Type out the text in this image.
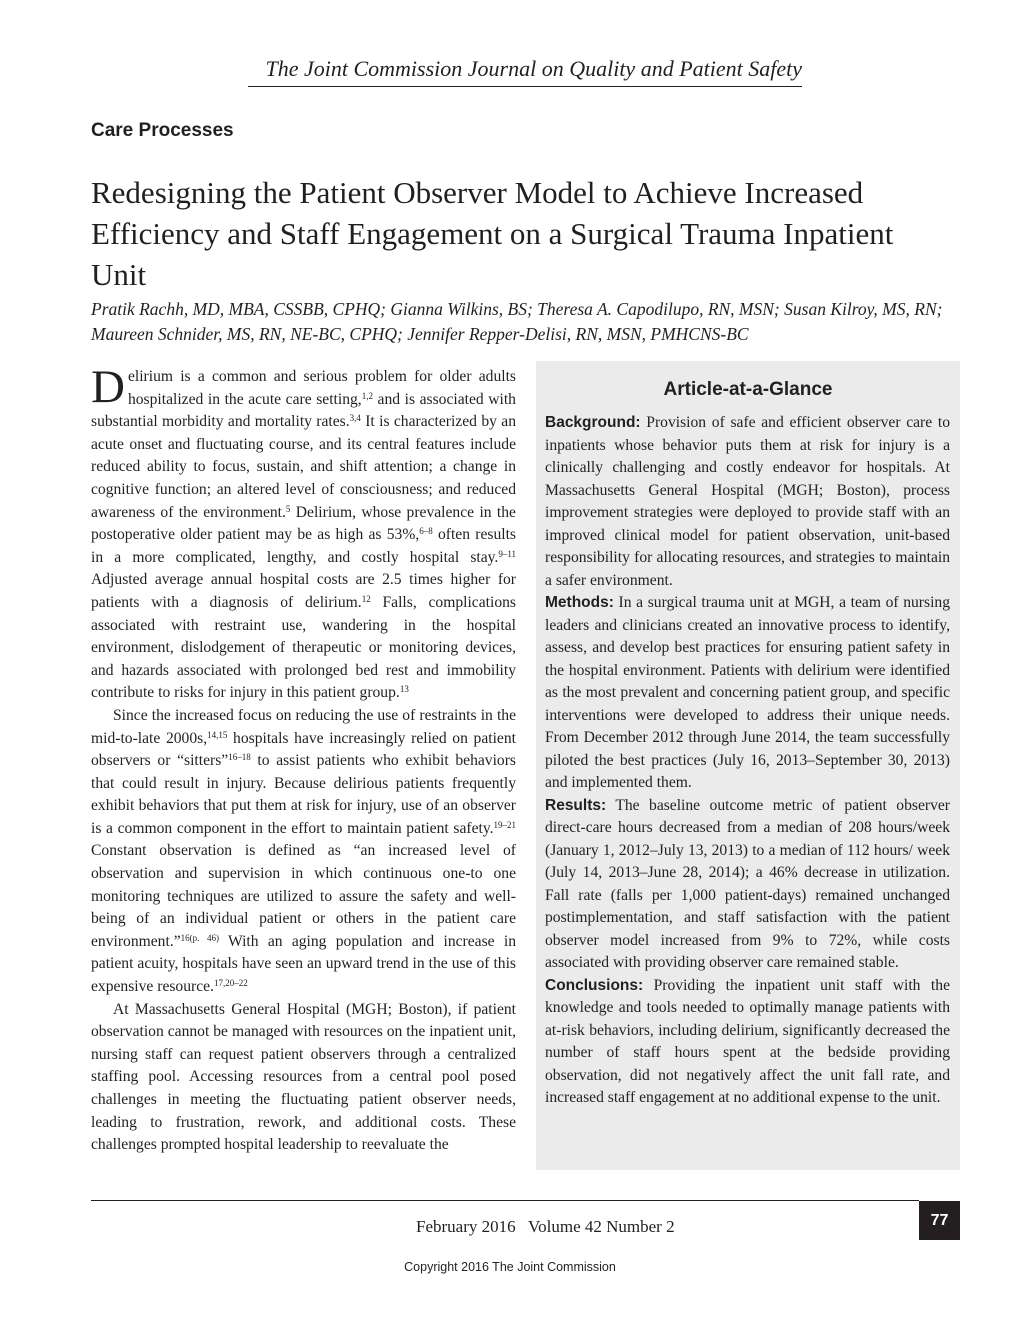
The Joint Commission Journal on Quality and Patient Safety
Care Processes
Redesigning the Patient Observer Model to Achieve Increased Efficiency and Staff Engagement on a Surgical Trauma Inpatient Unit
Pratik Rachh, MD, MBA, CSSBB, CPHQ; Gianna Wilkins, BS; Theresa A. Capodilupo, RN, MSN; Susan Kilroy, MS, RN; Maureen Schnider, MS, RN, NE-BC, CPHQ; Jennifer Repper-Delisi, RN, MSN, PMHCNS-BC

Delirium is a common and serious problem for older adults hospitalized in the acute care setting,$^{1,2}$ and is associated with substantial morbidity and mortality rates.$^{3,4}$ It is characterized by an acute onset and fluctuating course, and its central features include reduced ability to focus, sustain, and shift attention; a change in cognitive function; an altered level of consciousness; and reduced awareness of the environment.$^5$ Delirium, whose prevalence in the postoperative older patient may be as high as 53%,$^{6-8}$ often results in a more complicated, lengthy, and costly hospital stay.$^{9-11}$ Adjusted average annual hospital costs are 2.5 times higher for patients with a diagnosis of delirium.$^{12}$ Falls, complications associated with restraint use, wandering in the hospital environment, dislodgement of therapeutic or monitoring devices, and hazards associated with prolonged bed rest and immobility contribute to risks for injury in this patient group.$^{13}$

Since the increased focus on reducing the use of restraints in the mid-to-late 2000s,$^{14,15}$ hospitals have increasingly relied on patient observers or “sitters”$^{16-18}$ to assist patients who exhibit behaviors that could result in injury. Because delirious patients frequently exhibit behaviors that put them at risk for injury, use of an observer is a common component in the effort to maintain patient safety.$^{19-21}$ Constant observation is defined as “an increased level of observation and supervision in which continuous one-to one monitoring techniques are utilized to assure the safety and well-being of an individual patient or others in the patient care environment.”$^{16(p. 46)}$ With an aging population and increase in patient acuity, hospitals have seen an upward trend in the use of this expensive resource.$^{17,20-22}$

At Massachusetts General Hospital (MGH; Boston), if patient observation cannot be managed with resources on the inpatient unit, nursing staff can request patient observers through a centralized staffing pool. Accessing resources from a central pool posed challenges in meeting the fluctuating patient observer needs, leading to frustration, rework, and additional costs. These challenges prompted hospital leadership to reevaluate the

Article-at-a-Glance

Background: Provision of safe and efficient observer care to inpatients whose behavior puts them at risk for injury is a clinically challenging and costly endeavor for hospitals. At Massachusetts General Hospital (MGH; Boston), process improvement strategies were deployed to provide staff with an improved clinical model for patient observation, unit-based responsibility for allocating resources, and strategies to maintain a safer environment.

Methods: In a surgical trauma unit at MGH, a team of nursing leaders and clinicians created an innovative process to identify, assess, and develop best practices for ensuring patient safety in the hospital environment. Patients with delirium were identified as the most prevalent and concerning patient group, and specific interventions were developed to address their unique needs. From December 2012 through June 2014, the team successfully piloted the best practices (July 16, 2013–September 30, 2013) and implemented them.

Results: The baseline outcome metric of patient observer direct-care hours decreased from a median of 208 hours/week (January 1, 2012–July 13, 2013) to a median of 112 hours/ week (July 14, 2013–June 28, 2014); a 46% decrease in utilization. Fall rate (falls per 1,000 patient-days) remained unchanged postimplementation, and staff satisfaction with the patient observer model increased from 9% to 72%, while costs associated with providing observer care remained stable.

Conclusions: Providing the inpatient unit staff with the knowledge and tools needed to optimally manage patients with at-risk behaviors, including delirium, significantly decreased the number of staff hours spent at the bedside providing observation, did not negatively affect the unit fall rate, and increased staff engagement at no additional expense to the unit.

February 2016   Volume 42 Number 2	77
Copyright 2016 The Joint Commission
